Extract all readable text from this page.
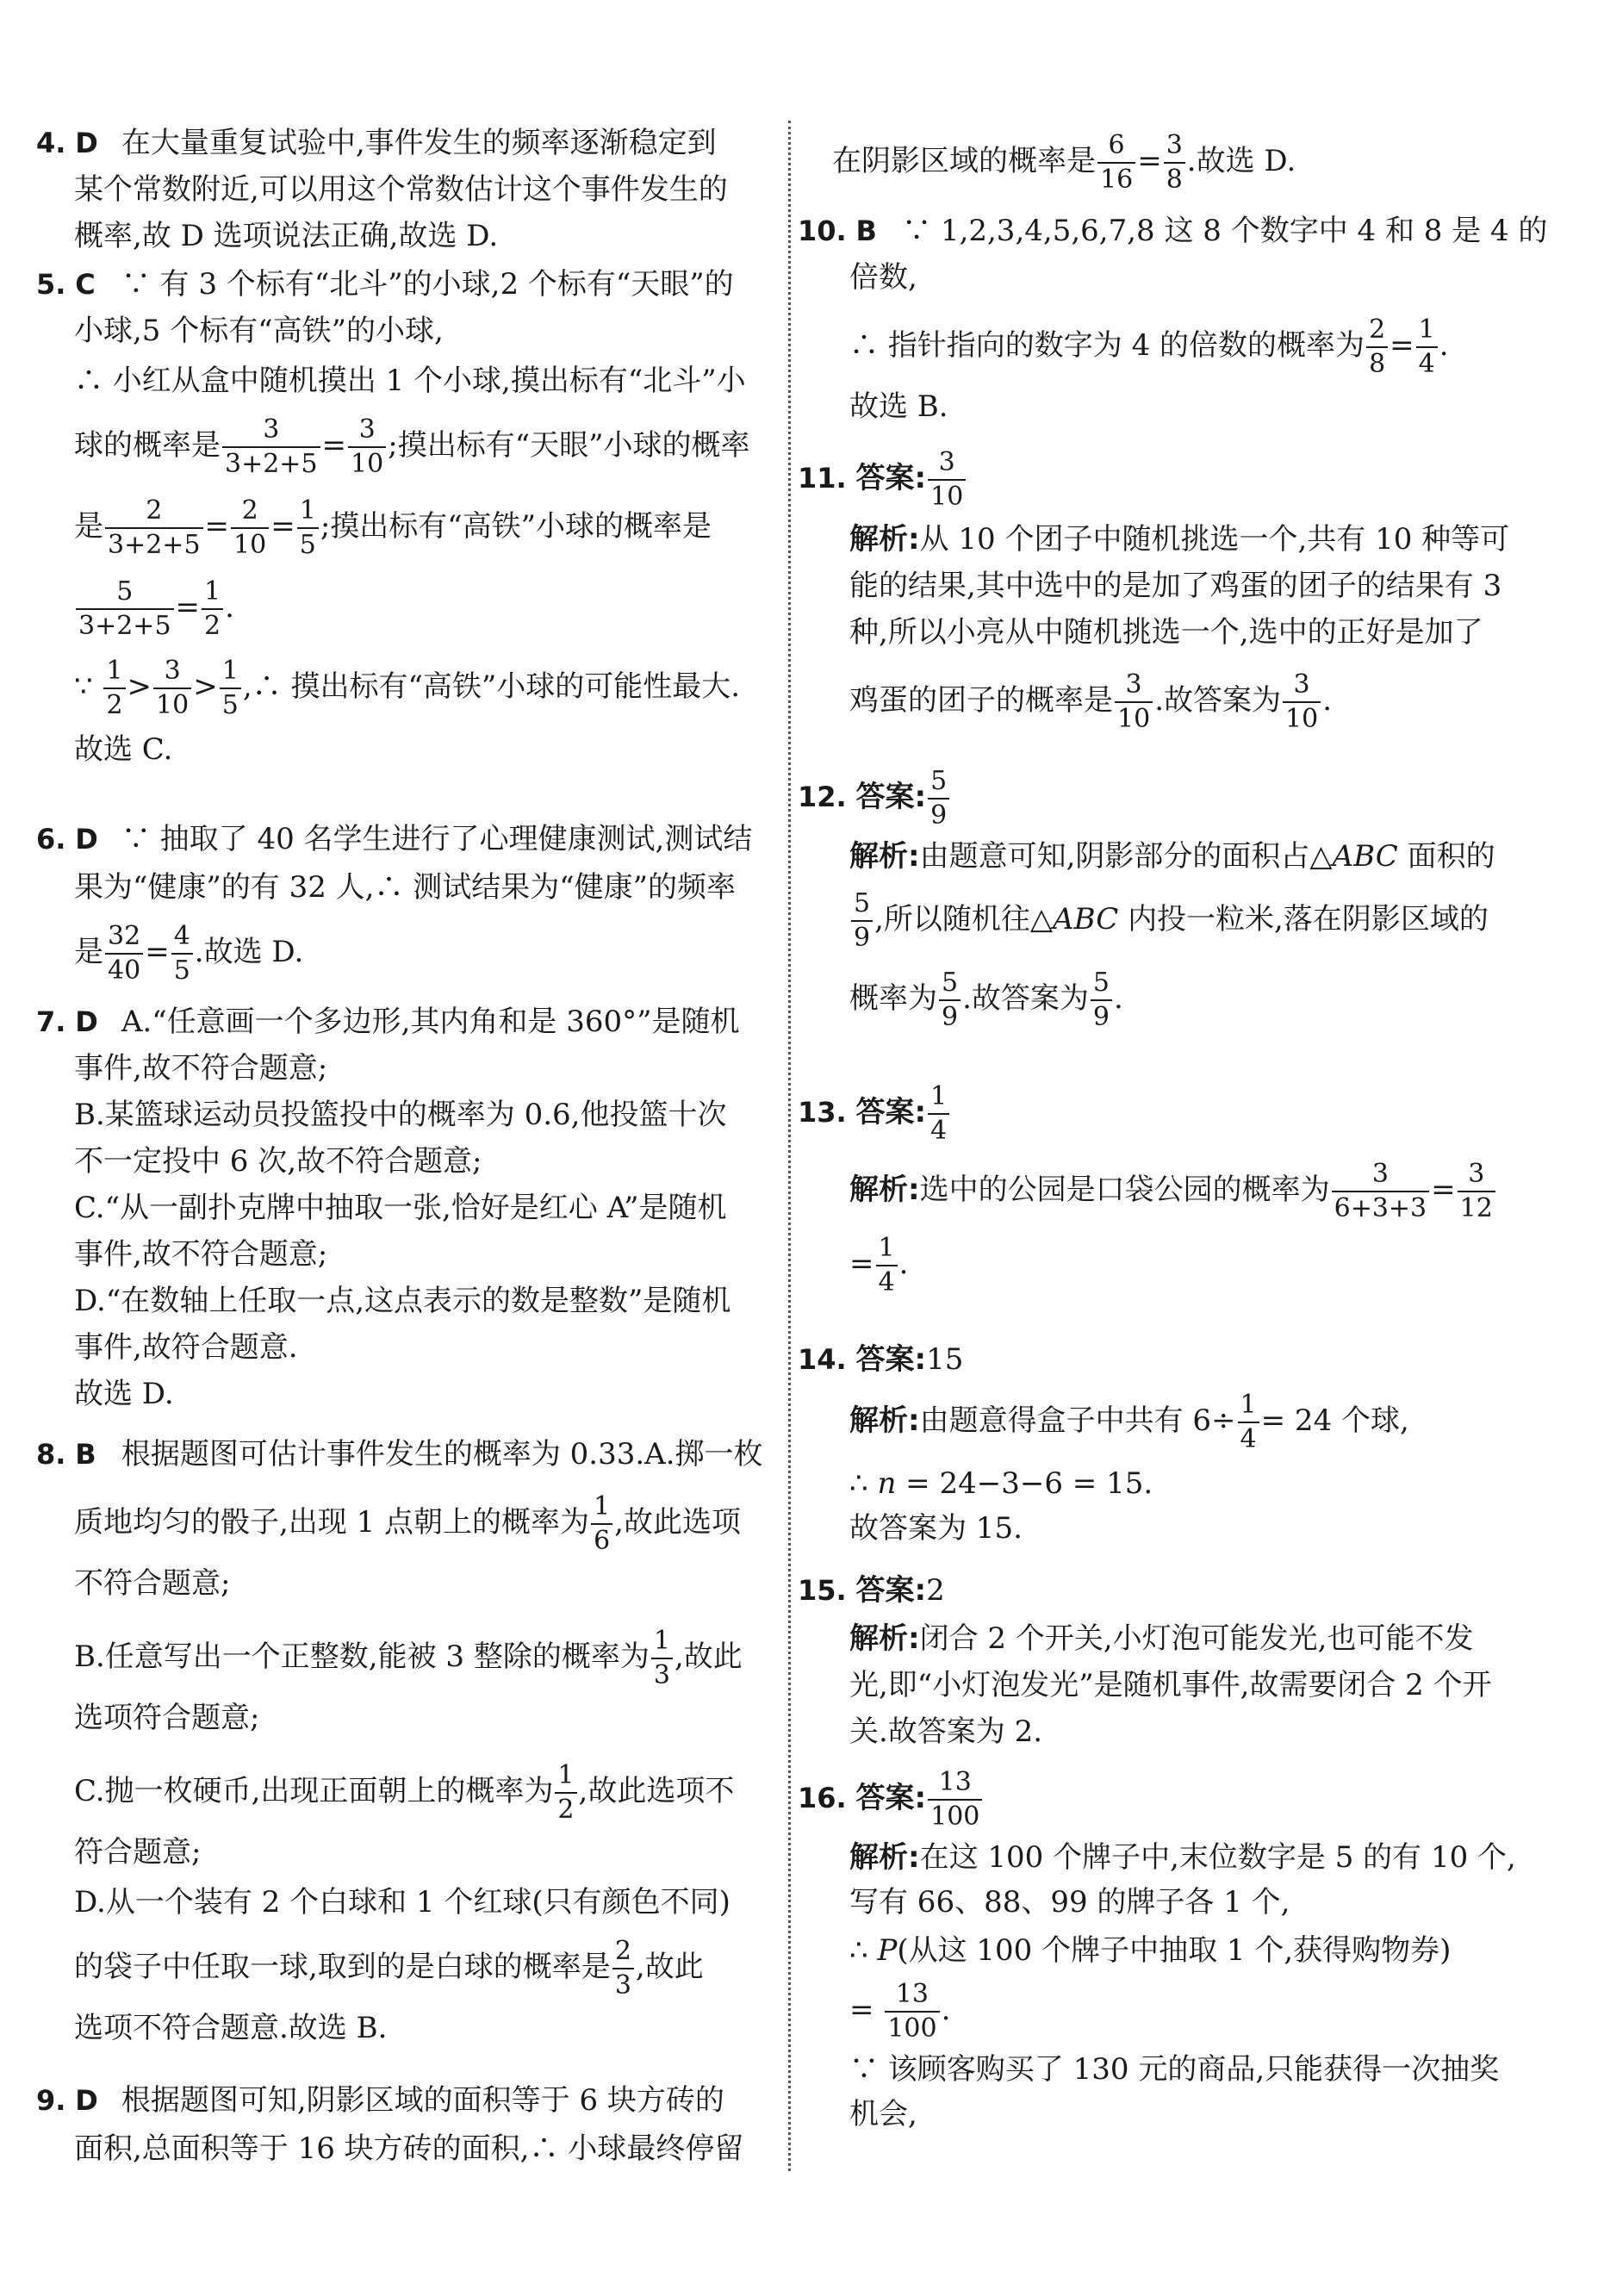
4. D 在大量重复试验中,事件发生的频率逐渐稳定到
某个常数附近,可以用这个常数估计这个事件发生的
概率,故 D 选项说法正确,故选 D.
5. C ∵ 有 3 个标有“北斗”的小球,2 个标有“天眼”的
小球,5 个标有“高铁”的小球,
∴ 小红从盒中随机摸出 1 个小球,摸出标有“北斗”小
球的概率是 $\frac{3}{3+2+5} = \frac{3}{10}$ ;摸出标有“天眼”小球的概率
是 $\frac{2}{3+2+5} = \frac{2}{10} = \frac{1}{5}$ ;摸出标有“高铁”小球的概率是
$\frac{5}{3+2+5} = \frac{1}{2}$ .
∵ $\frac{1}{2} > \frac{3}{10} > \frac{1}{5}$ ,∴ 摸出标有“高铁”小球的可能性最大.
故选 C.
6. D ∵ 抽取了 40 名学生进行了心理健康测试,测试结
果为“健康”的有 32 人,∴ 测试结果为“健康”的频率
是 $\frac{32}{40} = \frac{4}{5}$ .故选 D.
7. D A.“任意画一个多边形,其内角和是 360°”是随机
事件,故不符合题意;
B.某篮球运动员投篮投中的概率为 0.6,他投篮十次
不一定投中 6 次,故不符合题意;
C.“从一副扑克牌中抽取一张,恰好是红心 A”是随机
事件,故不符合题意;
D.“在数轴上任取一点,这点表示的数是整数”是随机
事件,故符合题意.
故选 D.
8. B 根据题图可估计事件发生的概率为 0.33.A.掷一枚
质地均匀的骰子,出现 1 点朝上的概率为 $\frac{1}{6}$ ,故此选项
不符合题意;
B.任意写出一个正整数,能被 3 整除的概率为 $\frac{1}{3}$ ,故此
选项符合题意;
C.抛一枚硬币,出现正面朝上的概率为 $\frac{1}{2}$ ,故此选项不
符合题意;
D.从一个装有 2 个白球和 1 个红球(只有颜色不同)
的袋子中任取一球,取到的是白球的概率是 $\frac{2}{3}$ ,故此
选项不符合题意.故选 B.
9. D 根据题图可知,阴影区域的面积等于 6 块方砖的
面积,总面积等于 16 块方砖的面积,∴ 小球最终停留
在阴影区域的概率是 $\frac{6}{16} = \frac{3}{8}$ .故选 D.
10. B ∵ 1,2,3,4,5,6,7,8 这 8 个数字中 4 和 8 是 4 的
倍数,
∴ 指针指向的数字为 4 的倍数的概率为 $\frac{2}{8} = \frac{1}{4}$ .
故选 B.
11. 答案: $\frac{3}{10}$
解析:从 10 个团子中随机挑选一个,共有 10 种等可
能的结果,其中选中的是加了鸡蛋的团子的结果有 3
种,所以小亮从中随机挑选一个,选中的正好是加了
鸡蛋的团子的概率是 $\frac{3}{10}$ .故答案为 $\frac{3}{10}$ .
12. 答案: $\frac{5}{9}$
解析:由题意可知,阴影部分的面积占△ABC 面积的
$\frac{5}{9}$ ,所以随机往△ABC 内投一粒米,落在阴影区域的
概率为 $\frac{5}{9}$ .故答案为 $\frac{5}{9}$ .
13. 答案: $\frac{1}{4}$
解析:选中的公园是口袋公园的概率为 $\frac{3}{6+3+3} = \frac{3}{12}$
= $\frac{1}{4}$ .
14. 答案:15
解析:由题意得盒子中共有 $6\div \frac{1}{4} = 24$ 个球,
∴ n = 24−3−6 = 15.
故答案为 15.
15. 答案:2
解析:闭合 2 个开关,小灯泡可能发光,也可能不发
光,即“小灯泡发光”是随机事件,故需要闭合 2 个开
关.故答案为 2.
16. 答案: $\frac{13}{100}$
解析:在这 100 个牌子中,末位数字是 5 的有 10 个,
写有 66、88、99 的牌子各 1 个,
∴ P(从这 100 个牌子中抽取 1 个,获得购物券)
= $\frac{13}{100}$ .
∵ 该顾客购买了 130 元的商品,只能获得一次抽奖
机会,
